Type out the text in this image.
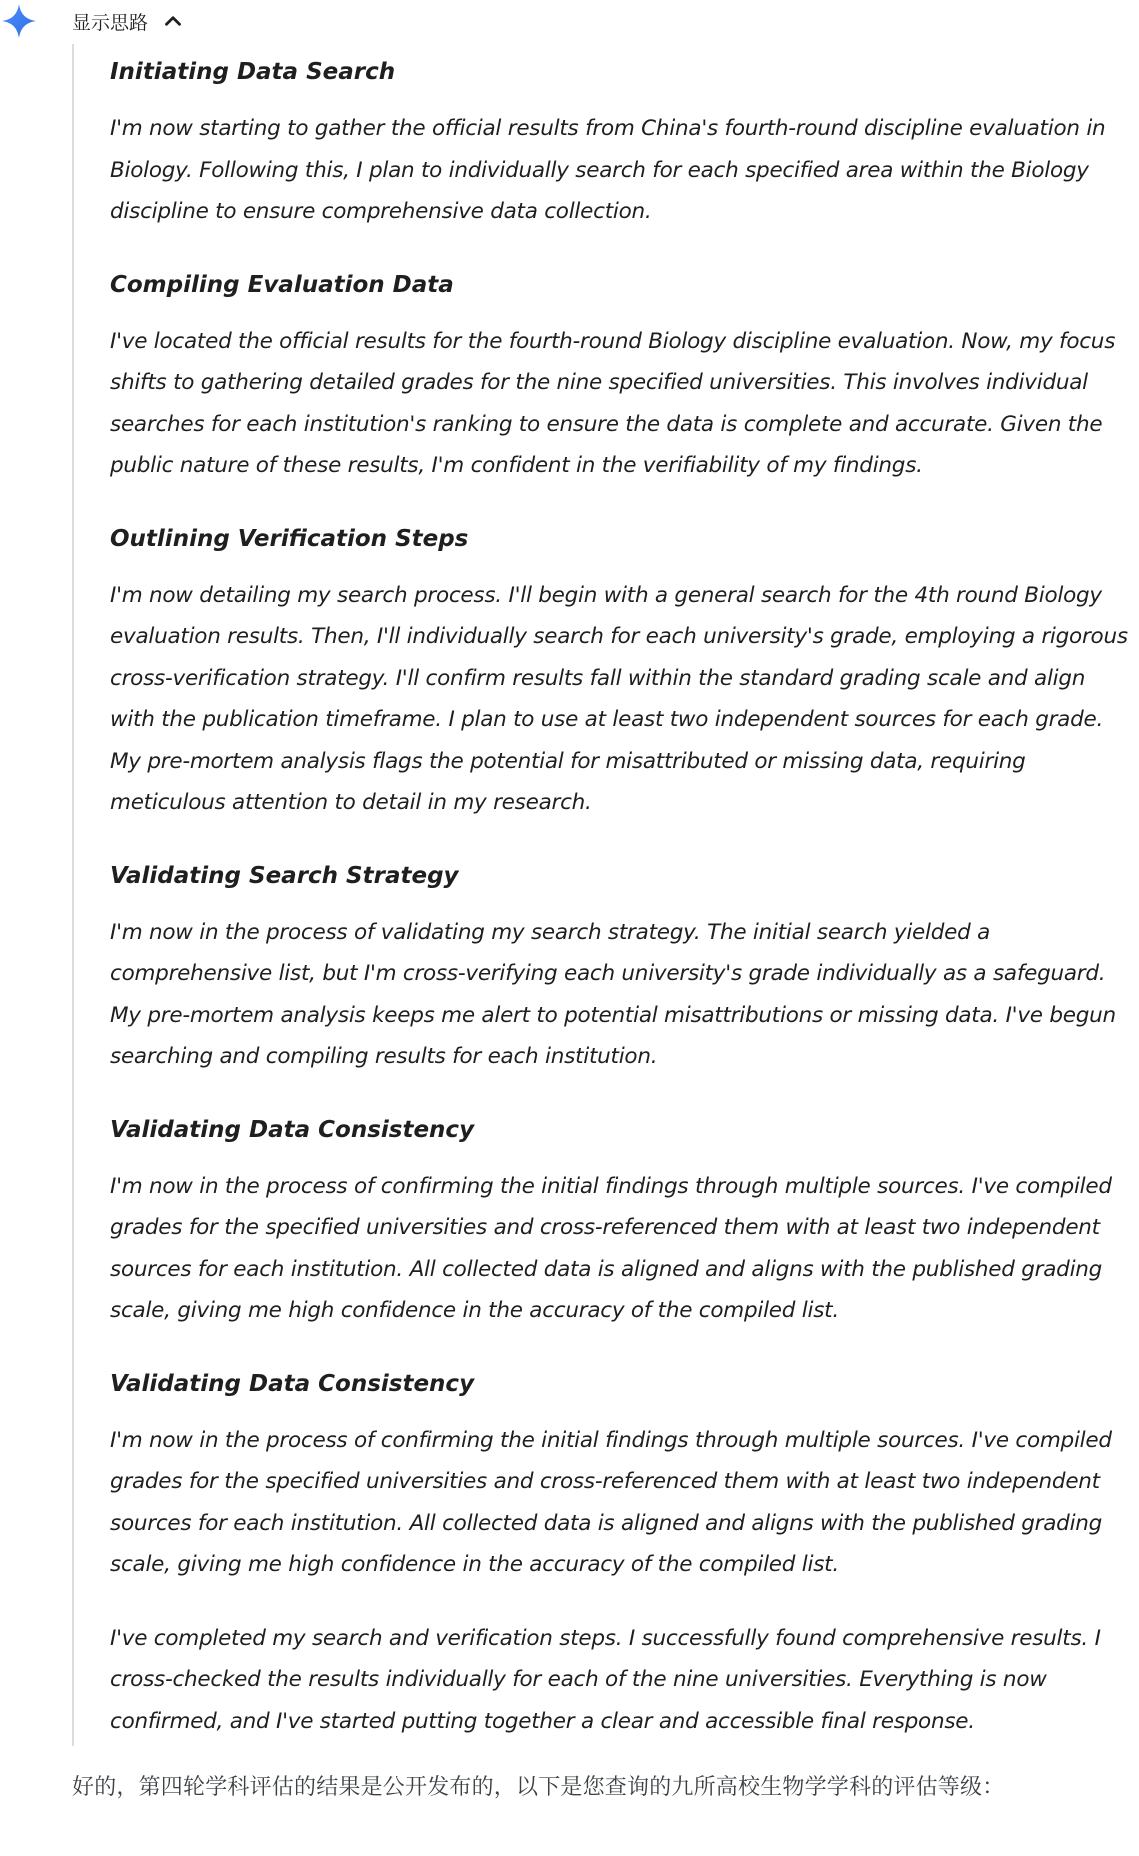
显示思路
Initiating Data Search

I'm now starting to gather the official results from China's fourth-round discipline evaluation in Biology. Following this, I plan to individually search for each specified area within the Biology discipline to ensure comprehensive data collection.

Compiling Evaluation Data

I've located the official results for the fourth-round Biology discipline evaluation. Now, my focus shifts to gathering detailed grades for the nine specified universities. This involves individual searches for each institution's ranking to ensure the data is complete and accurate. Given the public nature of these results, I'm confident in the verifiability of my findings.

Outlining Verification Steps

I'm now detailing my search process. I'll begin with a general search for the 4th round Biology evaluation results. Then, I'll individually search for each university's grade, employing a rigorous cross-verification strategy. I'll confirm results fall within the standard grading scale and align with the publication timeframe. I plan to use at least two independent sources for each grade. My pre-mortem analysis flags the potential for misattributed or missing data, requiring meticulous attention to detail in my research.

Validating Search Strategy

I'm now in the process of validating my search strategy. The initial search yielded a comprehensive list, but I'm cross-verifying each university's grade individually as a safeguard. My pre-mortem analysis keeps me alert to potential misattributions or missing data. I've begun searching and compiling results for each institution.

Validating Data Consistency

I'm now in the process of confirming the initial findings through multiple sources. I've compiled grades for the specified universities and cross-referenced them with at least two independent sources for each institution. All collected data is aligned and aligns with the published grading scale, giving me high confidence in the accuracy of the compiled list.

Validating Data Consistency

I'm now in the process of confirming the initial findings through multiple sources. I've compiled grades for the specified universities and cross-referenced them with at least two independent sources for each institution. All collected data is aligned and aligns with the published grading scale, giving me high confidence in the accuracy of the compiled list.

I've completed my search and verification steps. I successfully found comprehensive results. I cross-checked the results individually for each of the nine universities. Everything is now confirmed, and I've started putting together a clear and accessible final response.

好的，第四轮学科评估的结果是公开发布的，以下是您查询的九所高校生物学学科的评估等级：
